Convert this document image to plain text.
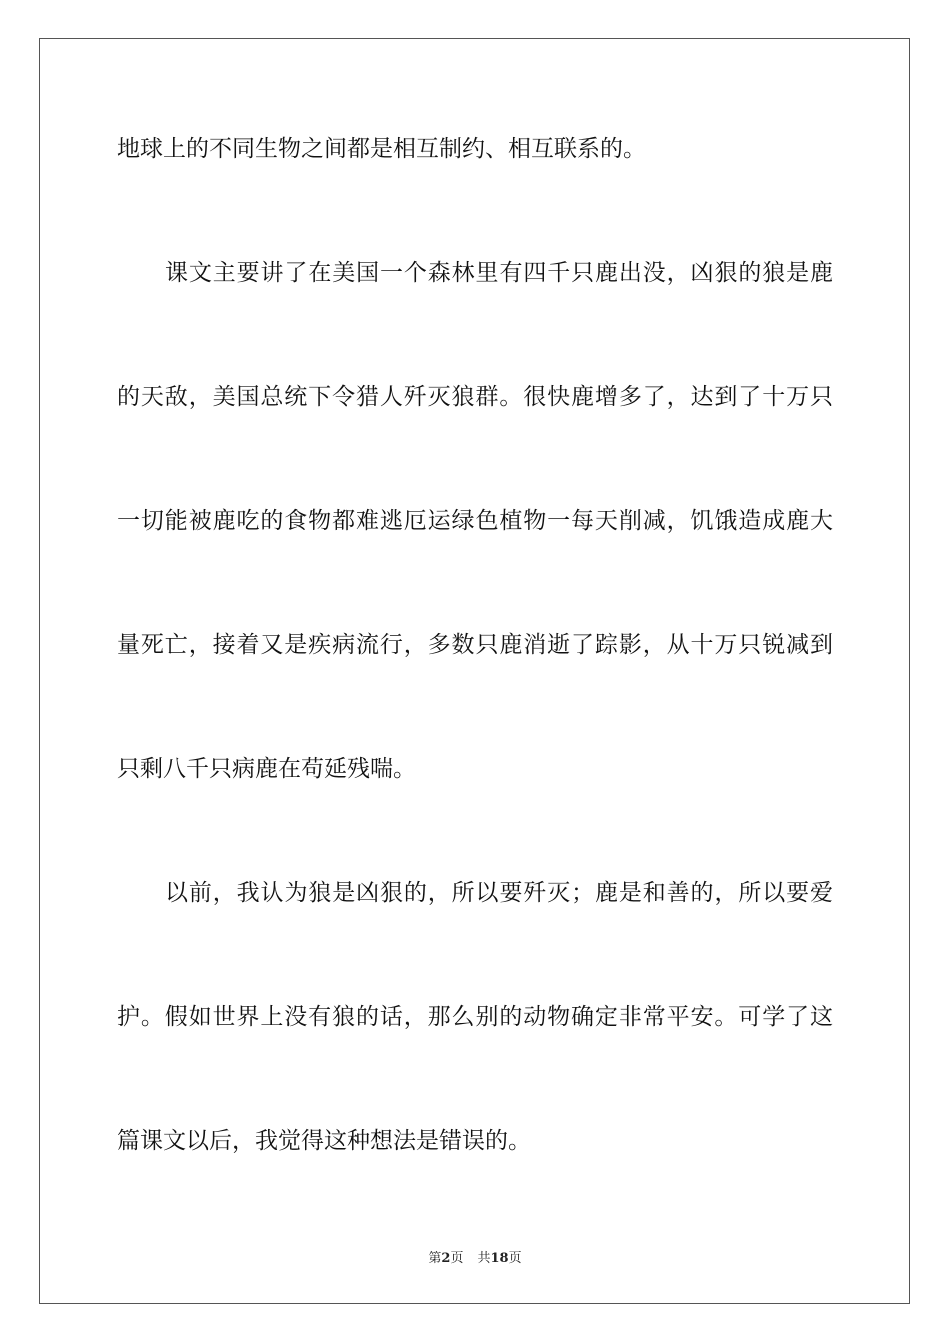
地球上的不同生物之间都是相互制约、相互联系的。

课文主要讲了在美国一个森林里有四千只鹿出没，凶狠的狼是鹿

的天敌，美国总统下令猎人歼灭狼群。很快鹿增多了，达到了十万只

一切能被鹿吃的食物都难逃厄运绿色植物一每天削减，饥饿造成鹿大

量死亡，接着又是疾病流行，多数只鹿消逝了踪影，从十万只锐减到

只剩八千只病鹿在苟延残喘。

以前，我认为狼是凶狠的，所以要歼灭；鹿是和善的，所以要爱

护。假如世界上没有狼的话，那么别的动物确定非常平安。可学了这

篇课文以后，我觉得这种想法是错误的。

第2页 共18页
